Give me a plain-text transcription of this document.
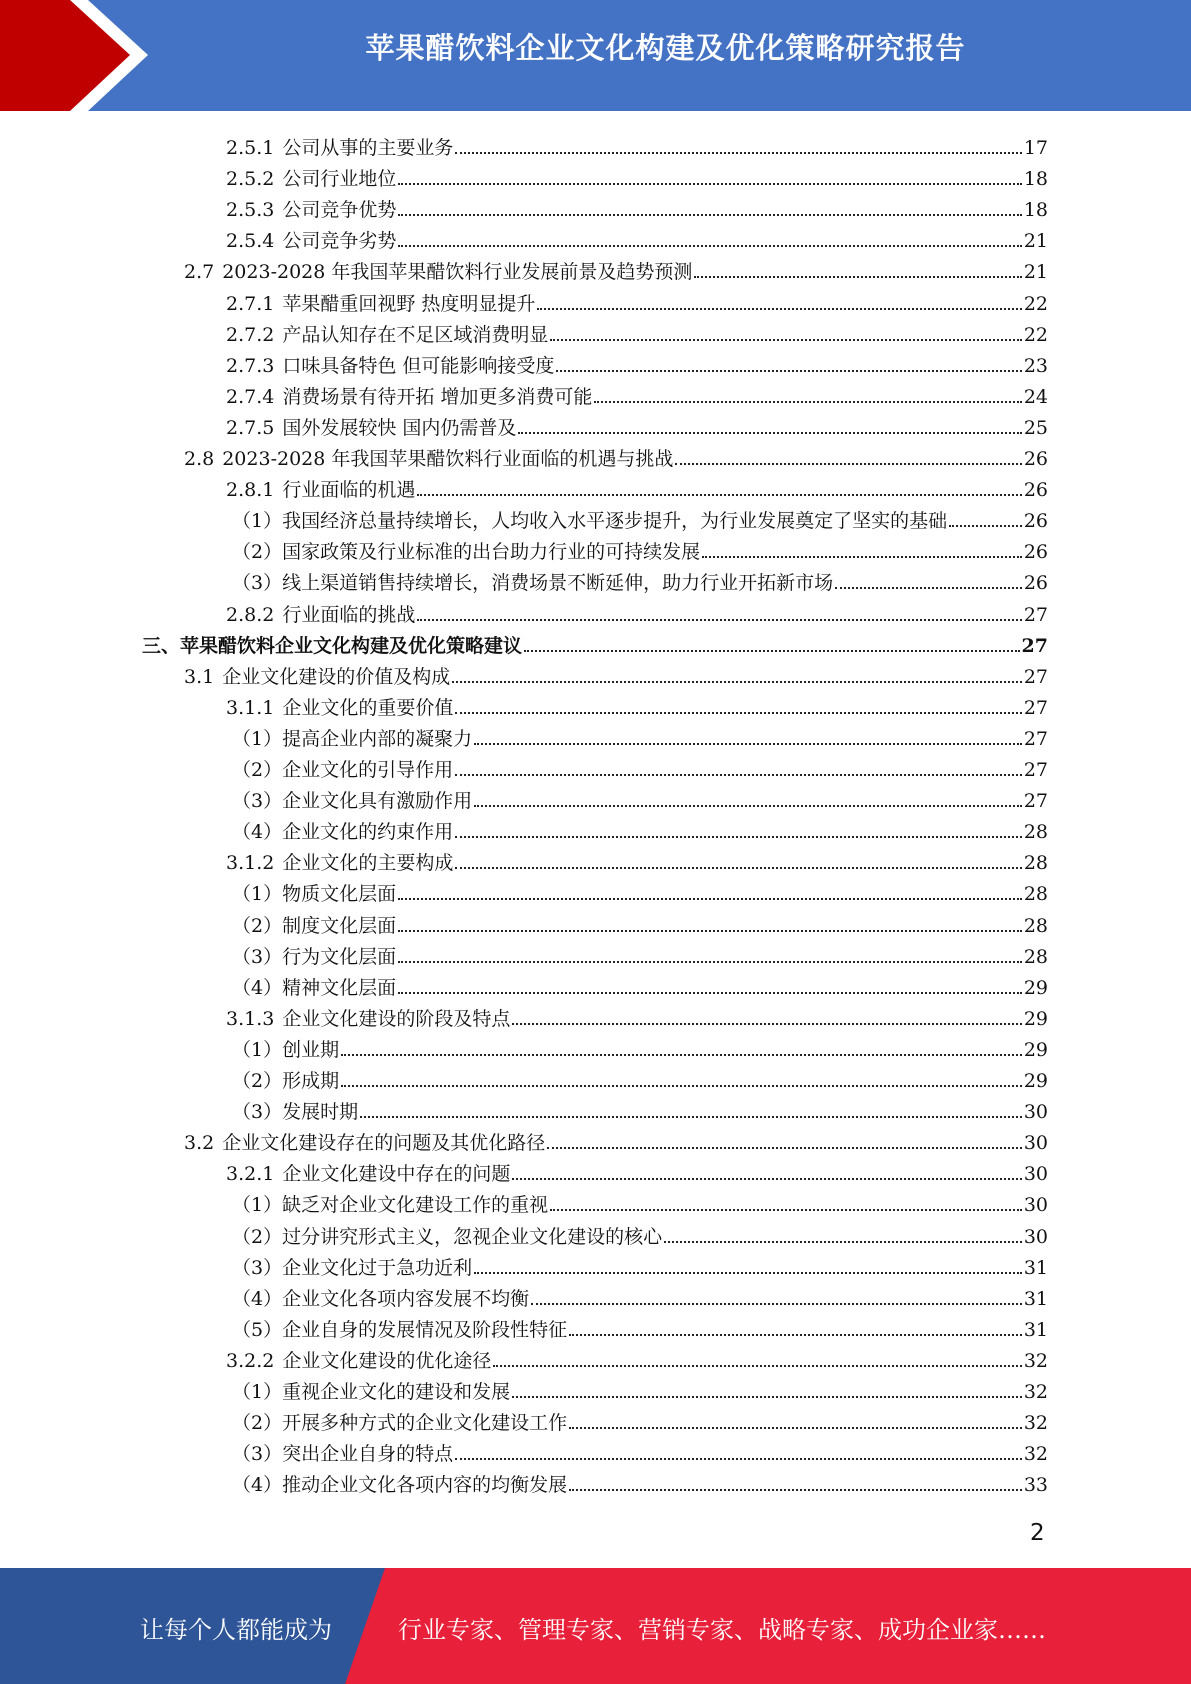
苹果醋饮料企业文化构建及优化策略研究报告
2.5.1 公司从事的主要业务	17
2.5.2 公司行业地位	18
2.5.3 公司竞争优势	18
2.5.4 公司竞争劣势	21
2.7 2023-2028 年我国苹果醋饮料行业发展前景及趋势预测	21
2.7.1 苹果醋重回视野 热度明显提升	22
2.7.2 产品认知存在不足区域消费明显	22
2.7.3 口味具备特色 但可能影响接受度	23
2.7.4 消费场景有待开拓 增加更多消费可能	24
2.7.5 国外发展较快 国内仍需普及	25
2.8 2023-2028 年我国苹果醋饮料行业面临的机遇与挑战	26
2.8.1 行业面临的机遇	26
（1） 我国经济总量持续增长，人均收入水平逐步提升，为行业发展奠定了坚实的基础	26
（2） 国家政策及行业标准的出台助力行业的可持续发展	26
（3） 线上渠道销售持续增长，消费场景不断延伸，助力行业开拓新市场	26
2.8.2 行业面临的挑战	27
三、 苹果醋饮料企业文化构建及优化策略建议	27
3.1 企业文化建设的价值及构成	27
3.1.1 企业文化的重要价值	27
（1） 提高企业内部的凝聚力	27
（2） 企业文化的引导作用	27
（3） 企业文化具有激励作用	27
（4） 企业文化的约束作用	28
3.1.2 企业文化的主要构成	28
（1） 物质文化层面	28
（2） 制度文化层面	28
（3） 行为文化层面	28
（4） 精神文化层面	29
3.1.3 企业文化建设的阶段及特点	29
（1） 创业期	29
（2） 形成期	29
（3） 发展时期	30
3.2 企业文化建设存在的问题及其优化路径	30
3.2.1 企业文化建设中存在的问题	30
（1） 缺乏对企业文化建设工作的重视	30
（2） 过分讲究形式主义，忽视企业文化建设的核心	30
（3） 企业文化过于急功近利	31
（4） 企业文化各项内容发展不均衡	31
（5） 企业自身的发展情况及阶段性特征	31
3.2.2 企业文化建设的优化途径	32
（1） 重视企业文化的建设和发展	32
（2） 开展多种方式的企业文化建设工作	32
（3） 突出企业自身的特点	32
（4） 推动企业文化各项内容的均衡发展	33
2
让每个人都能成为	行业专家、管理专家、营销专家、战略专家、成功企业家……
